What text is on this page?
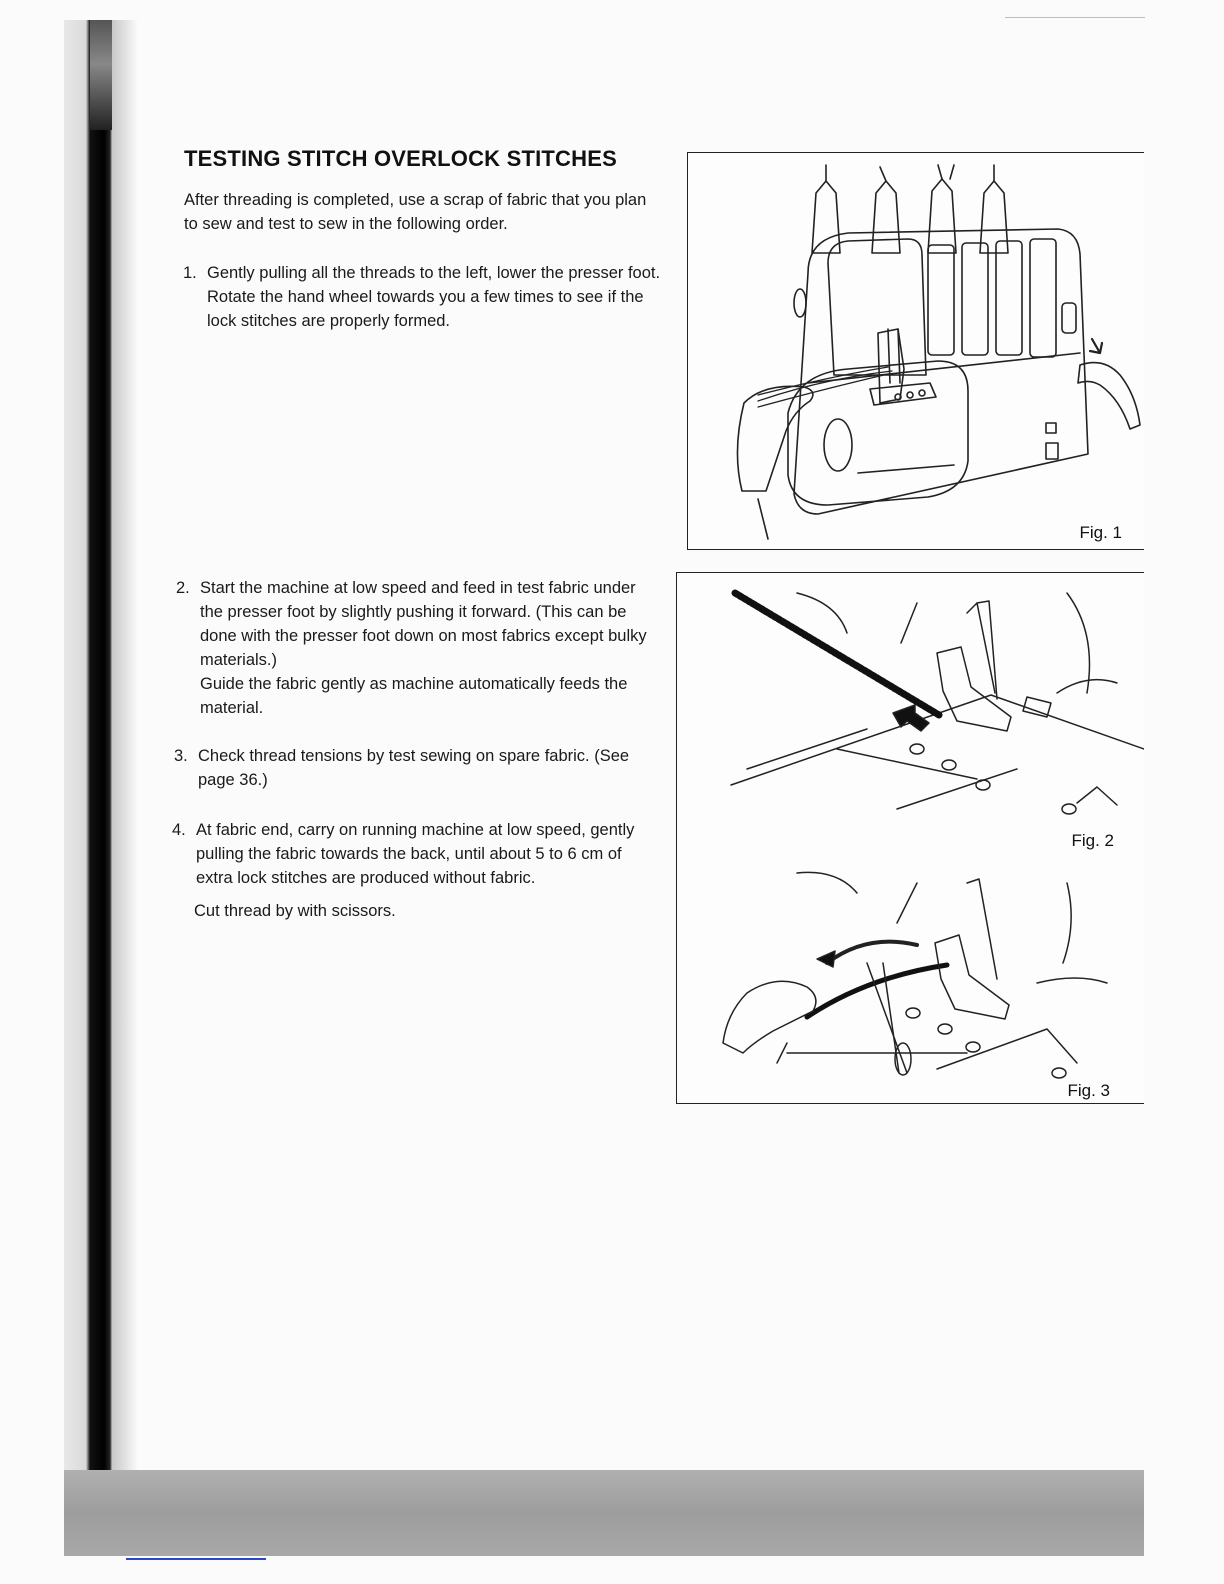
TESTING STITCH OVERLOCK STITCHES

After threading is completed, use a scrap of fabric that you plan to sew and test to sew in the following order.

1. Gently pulling all the threads to the left, lower the presser foot. Rotate the hand wheel towards you a few times to see if the lock stitches are properly formed.

2. Start the machine at low speed and feed in test fabric under the presser foot by slightly pushing it forward. (This can be done with the presser foot down on most fabrics except bulky materials.)

Guide the fabric gently as machine automatically feeds the material.

3. Check thread tensions by test sewing on spare fabric. (See page 36.)

4. At fabric end, carry on running machine at low speed, gently pulling the fabric towards the back, until about 5 to 6 cm of extra lock stitches are produced without fabric.

Cut thread by with scissors.

Fig. 1
Fig. 2
Fig. 3
